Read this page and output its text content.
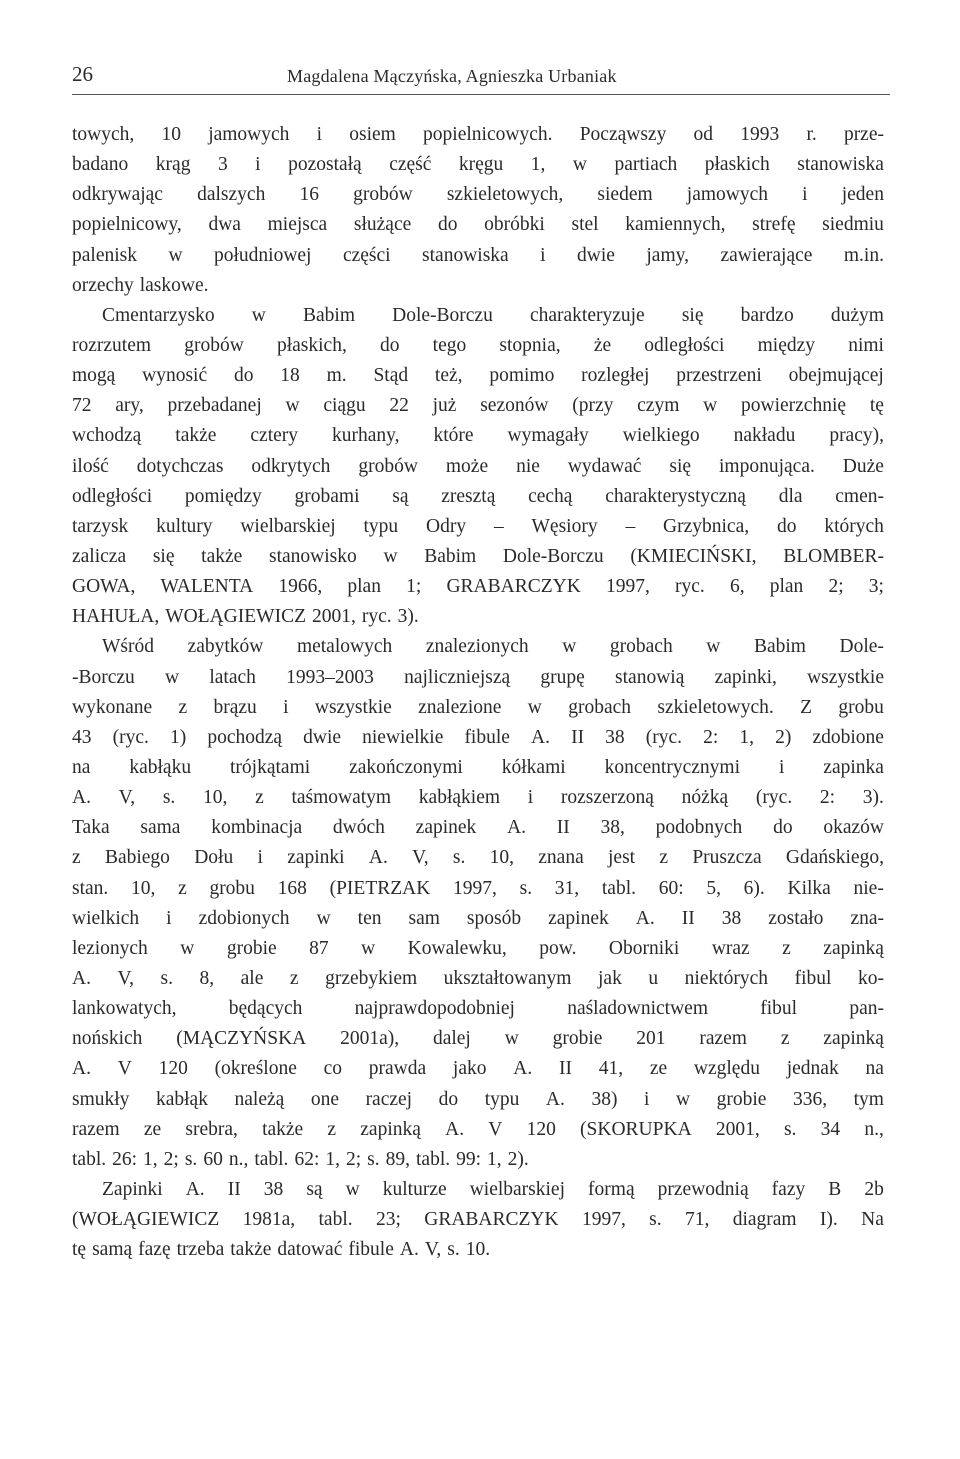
26	Magdalena Mączyńska, Agnieszka Urbaniak
towych, 10 jamowych i osiem popielnicowych. Począwszy od 1993 r. prze-
badano krąg 3 i pozostałą część kręgu 1, w partiach płaskich stanowiska
odkrywając dalszych 16 grobów szkieletowych, siedem jamowych i jeden
popielnicowy, dwa miejsca służące do obróbki stel kamiennych, strefę siedmiu
palenisk w południowej części stanowiska i dwie jamy, zawierające m.in.
orzechy laskowe.
Cmentarzysko w Babim Dole-Borczu charakteryzuje się bardzo dużym
rozrzutem grobów płaskich, do tego stopnia, że odległości między nimi
mogą wynosić do 18 m. Stąd też, pomimo rozległej przestrzeni obejmującej
72 ary, przebadanej w ciągu 22 już sezonów (przy czym w powierzchnię tę
wchodzą także cztery kurhany, które wymagały wielkiego nakładu pracy),
ilość dotychczas odkrytych grobów może nie wydawać się imponująca. Duże
odległości pomiędzy grobami są zresztą cechą charakterystyczną dla cmen-
tarzysk kultury wielbarskiej typu Odry – Węsiory – Grzybnica, do których
zalicza się także stanowisko w Babim Dole-Borczu (KMIECIŃSKI, BLOMBER-
GOWA, WALENTA 1966, plan 1; GRABARCZYK 1997, ryc. 6, plan 2; 3;
HAHUŁA, WOŁĄGIEWICZ 2001, ryc. 3).
Wśród zabytków metalowych znalezionych w grobach w Babim Dole-
-Borczu w latach 1993–2003 najliczniejszą grupę stanowią zapinki, wszystkie
wykonane z brązu i wszystkie znalezione w grobach szkieletowych. Z grobu
43 (ryc. 1) pochodzą dwie niewielkie fibule A. II 38 (ryc. 2: 1, 2) zdobione
na kabłąku trójkątami zakończonymi kółkami koncentrycznymi i zapinka
A. V, s. 10, z taśmowatym kabłąkiem i rozszerzoną nóżką (ryc. 2: 3).
Taka sama kombinacja dwóch zapinek A. II 38, podobnych do okazów
z Babiego Dołu i zapinki A. V, s. 10, znana jest z Pruszcza Gdańskiego,
stan. 10, z grobu 168 (PIETRZAK 1997, s. 31, tabl. 60: 5, 6). Kilka nie-
wielkich i zdobionych w ten sam sposób zapinek A. II 38 zostało zna-
lezionych w grobie 87 w Kowalewku, pow. Oborniki wraz z zapinką
A. V, s. 8, ale z grzebykiem ukształtowanym jak u niektórych fibul ko-
lankowatych,	będących	najprawdopodobniej	naśladownictwem	fibul	pan-
nońskich (MĄCZYŃSKA 2001a), dalej w grobie 201 razem z zapinką
A. V 120 (określone co prawda jako A. II 41, ze względu jednak na
smukły kabłąk należą one raczej do typu A. 38) i w grobie 336, tym
razem ze srebra, także z zapinką A. V 120 (SKORUPKA 2001, s. 34 n.,
tabl. 26: 1, 2; s. 60 n., tabl. 62: 1, 2; s. 89, tabl. 99: 1, 2).
Zapinki A. II 38 są w kulturze wielbarskiej formą przewodnią fazy B 2b
(WOŁĄGIEWICZ 1981a, tabl. 23; GRABARCZYK 1997, s. 71, diagram I). Na
tę samą fazę trzeba także datować fibule A. V, s. 10.
